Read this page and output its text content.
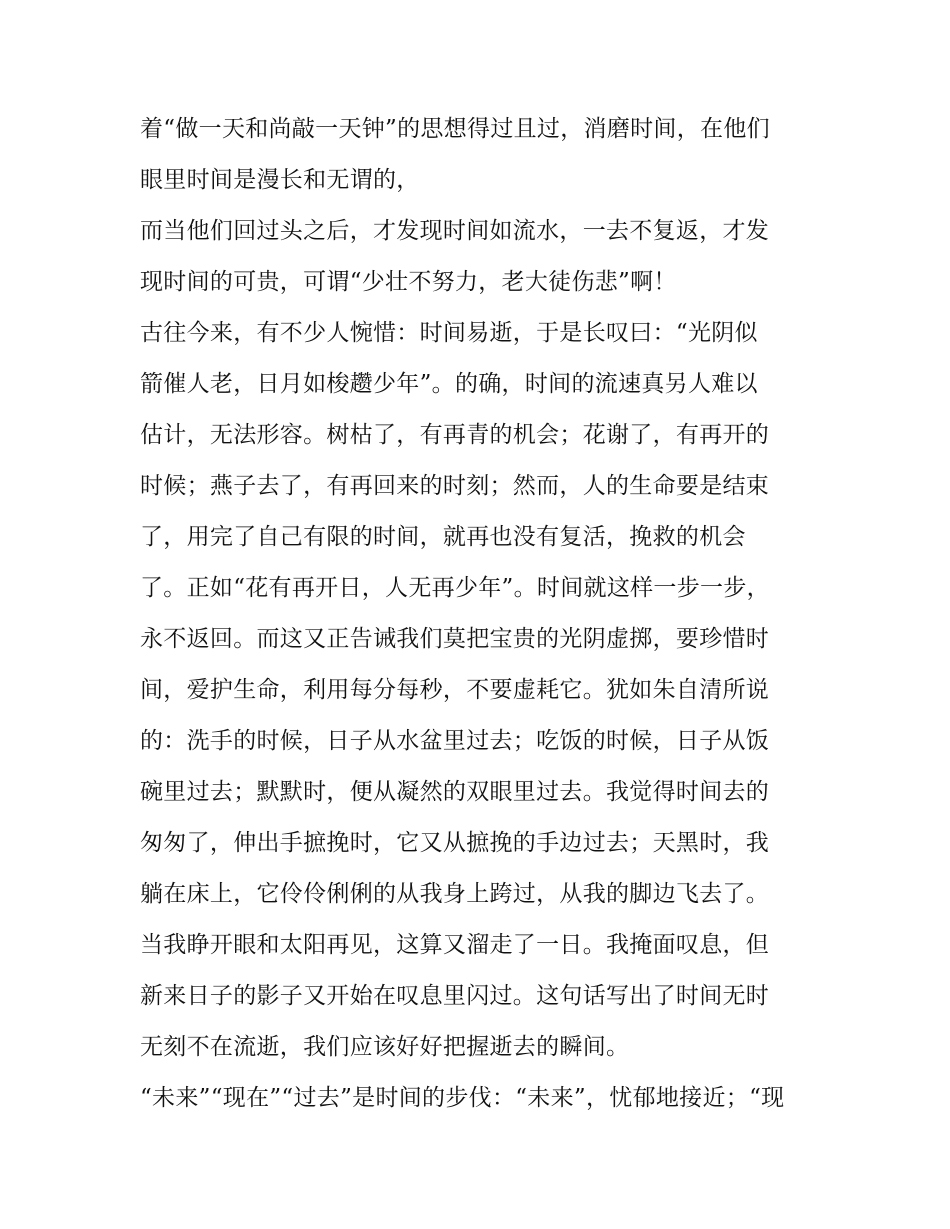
着“做一天和尚敲一天钟”的思想得过且过，消磨时间，在他们
眼里时间是漫长和无谓的，
而当他们回过头之后，才发现时间如流水，一去不复返，才发
现时间的可贵，可谓“少壮不努力，老大徒伤悲”啊！
古往今来，有不少人惋惜：时间易逝，于是长叹曰：“光阴似
箭催人老，日月如梭趱少年”。的确，时间的流速真另人难以
估计，无法形容。树枯了，有再青的机会；花谢了，有再开的
时候；燕子去了，有再回来的时刻；然而，人的生命要是结束
了，用完了自己有限的时间，就再也没有复活，挽救的机会
了。正如“花有再开日，人无再少年”。时间就这样一步一步，
永不返回。而这又正告诫我们莫把宝贵的光阴虚掷，要珍惜时
间，爱护生命，利用每分每秒，不要虚耗它。犹如朱自清所说
的：洗手的时候，日子从水盆里过去；吃饭的时候，日子从饭
碗里过去；默默时，便从凝然的双眼里过去。我觉得时间去的
匆匆了，伸出手摭挽时，它又从摭挽的手边过去；天黑时，我
躺在床上，它伶伶俐俐的从我身上跨过，从我的脚边飞去了。
当我睁开眼和太阳再见，这算又溜走了一日。我掩面叹息，但
新来日子的影子又开始在叹息里闪过。这句话写出了时间无时
无刻不在流逝，我们应该好好把握逝去的瞬间。
“未来”“现在”“过去”是时间的步伐：“未来”，忧郁地接近；“现
